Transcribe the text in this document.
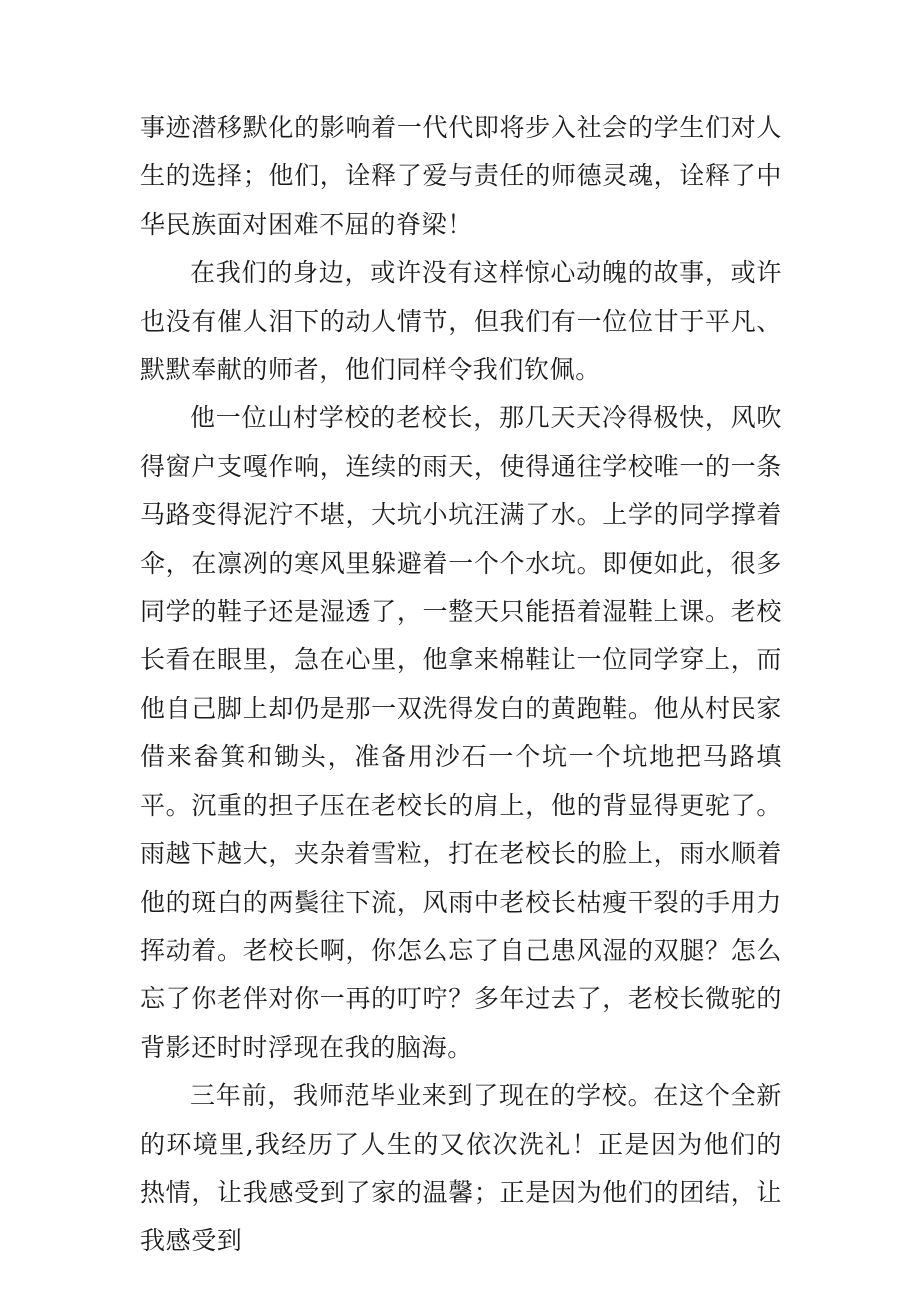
事迹潜移默化的影响着一代代即将步入社会的学生们对人生的选择；他们，诠释了爱与责任的师德灵魂，诠释了中华民族面对困难不屈的脊梁！

在我们的身边，或许没有这样惊心动魄的故事，或许也没有催人泪下的动人情节，但我们有一位位甘于平凡、默默奉献的师者，他们同样令我们钦佩。

他一位山村学校的老校长，那几天天冷得极快，风吹得窗户支嘎作响，连续的雨天，使得通往学校唯一的一条马路变得泥泞不堪，大坑小坑汪满了水。上学的同学撑着伞，在凛冽的寒风里躲避着一个个水坑。即便如此，很多同学的鞋子还是湿透了，一整天只能捂着湿鞋上课。老校长看在眼里，急在心里，他拿来棉鞋让一位同学穿上，而他自己脚上却仍是那一双洗得发白的黄跑鞋。他从村民家借来畚箕和锄头，准备用沙石一个坑一个坑地把马路填平。沉重的担子压在老校长的肩上，他的背显得更驼了。雨越下越大，夹杂着雪粒，打在老校长的脸上，雨水顺着他的斑白的两鬓往下流，风雨中老校长枯瘦干裂的手用力挥动着。老校长啊，你怎么忘了自己患风湿的双腿？怎么忘了你老伴对你一再的叮咛？多年过去了，老校长微驼的背影还时时浮现在我的脑海。

三年前，我师范毕业来到了现在的学校。在这个全新的环境里,我经历了人生的又依次洗礼！正是因为他们的热情，让我感受到了家的温馨；正是因为他们的团结，让我感受到
